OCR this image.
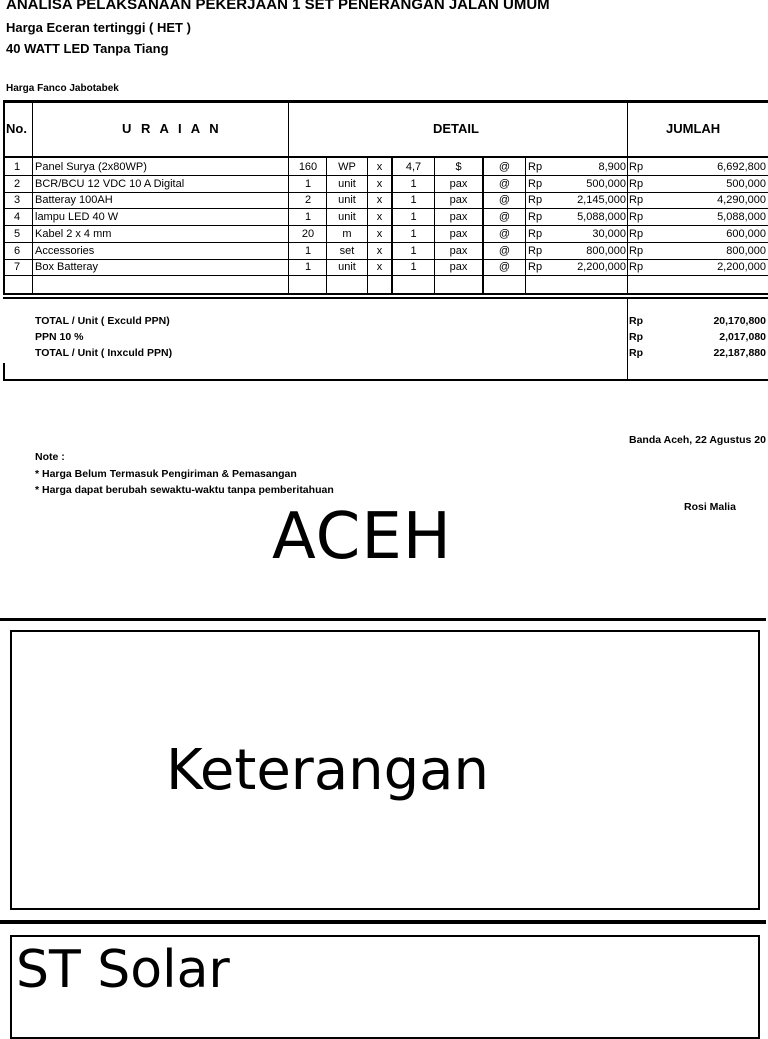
ANALISA PELAKSANAAN PEKERJAAN 1 SET PENERANGAN JALAN UMUM
Harga Eceran tertinggi ( HET )
40 WATT LED Tanpa Tiang
Harga Fanco Jabotabek
No.	U R A I A N	DETAIL	JUMLAH
1	Panel Surya (2x80WP)	160	WP	x	4,7	$	@	Rp	8,900 Rp	6,692,800
2	BCR/BCU 12 VDC 10 A Digital	1	unit	x	1	pax	@	Rp	500,000 Rp	500,000
3	Batteray 100AH	2	unit	x	1	pax	@	Rp	2,145,000 Rp	4,290,000
4	lampu LED 40 W	1	unit	x	1	pax	@	Rp	5,088,000 Rp	5,088,000
5	Kabel 2 x 4 mm	20	m	x	1	pax	@	Rp	30,000 Rp	600,000
6	Accessories	1	set	x	1	pax	@	Rp	800,000 Rp	800,000
7	Box Batteray	1	unit	x	1	pax	@	Rp	2,200,000 Rp	2,200,000
TOTAL / Unit ( Exculd PPN)	Rp	20,170,800
PPN 10 %	Rp	2,017,080
TOTAL / Unit ( Inxculd PPN)	Rp	22,187,880
Banda Aceh, 22 Agustus 20
Note :
* Harga Belum Termasuk Pengiriman & Pemasangan
* Harga dapat berubah sewaktu-waktu tanpa pemberitahuan
Rosi Malia
ACEH
Keterangan
ST Solar
